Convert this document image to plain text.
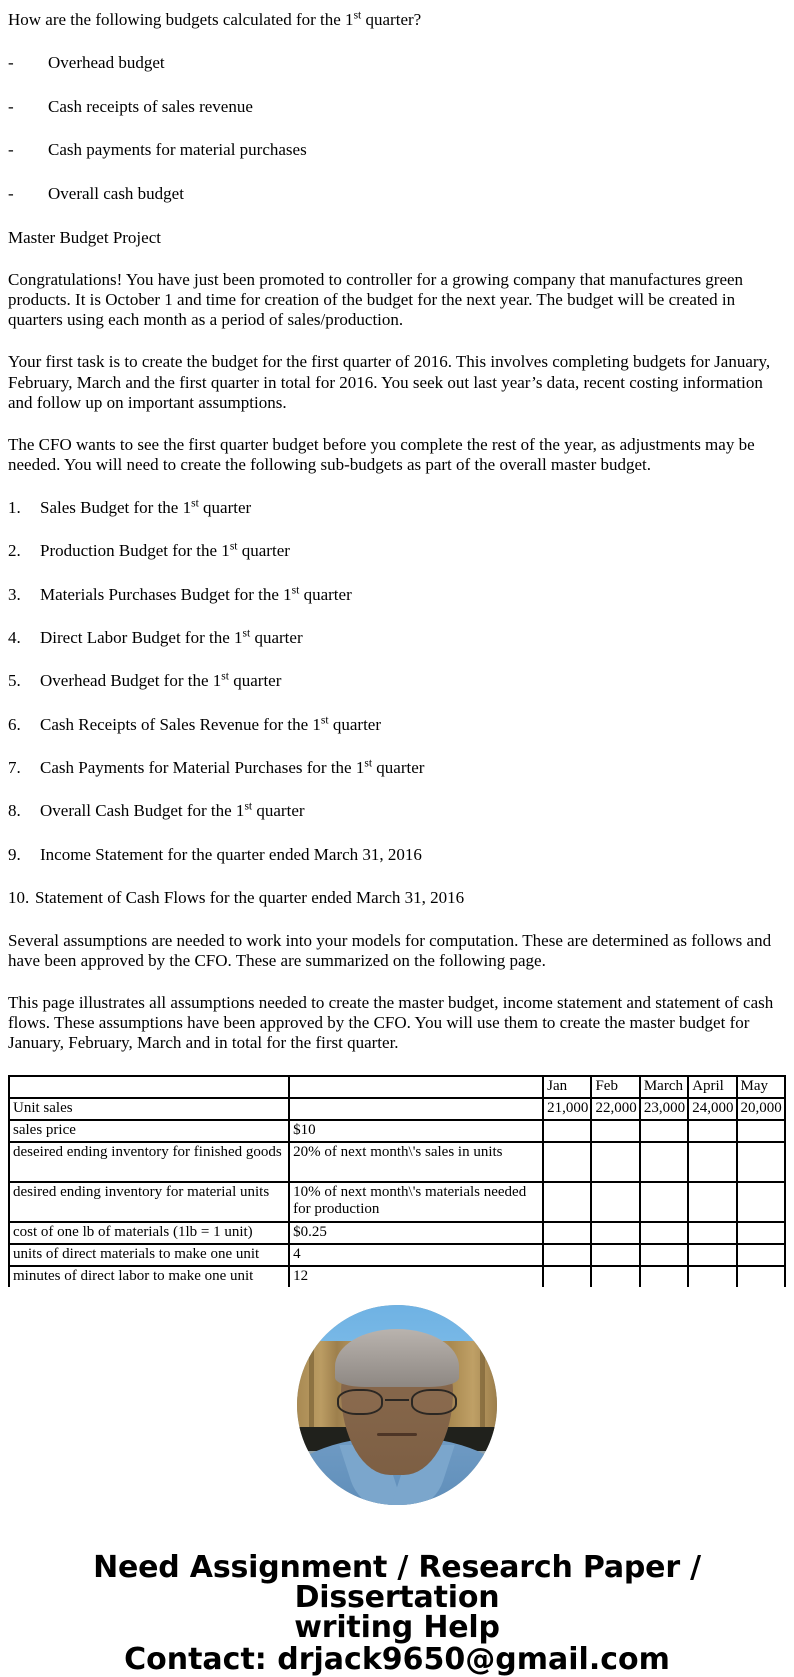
How are the following budgets calculated for the 1st quarter?

-	Overhead budget
-	Cash receipts of sales revenue
-	Cash payments for material purchases
-	Overall cash budget

Master Budget Project

Congratulations! You have just been promoted to controller for a growing company that manufactures green products. It is October 1 and time for creation of the budget for the next year. The budget will be created in quarters using each month as a period of sales/production.

Your first task is to create the budget for the first quarter of 2016. This involves completing budgets for January, February, March and the first quarter in total for 2016. You seek out last year’s data, recent costing information and follow up on important assumptions.

The CFO wants to see the first quarter budget before you complete the rest of the year, as adjustments may be needed. You will need to create the following sub-budgets as part of the overall master budget.

1.	Sales Budget for the 1st quarter
2.	Production Budget for the 1st quarter
3.	Materials Purchases Budget for the 1st quarter
4.	Direct Labor Budget for the 1st quarter
5.	Overhead Budget for the 1st quarter
6.	Cash Receipts of Sales Revenue for the 1st quarter
7.	Cash Payments for Material Purchases for the 1st quarter
8.	Overall Cash Budget for the 1st quarter
9.	Income Statement for the quarter ended March 31, 2016
10. Statement of Cash Flows for the quarter ended March 31, 2016

Several assumptions are needed to work into your models for computation. These are determined as follows and have been approved by the CFO. These are summarized on the following page.

This page illustrates all assumptions needed to create the master budget, income statement and statement of cash flows. These assumptions have been approved by the CFO. You will use them to create the master budget for January, February, March and in total for the first quarter.

		Jan	Feb	March	April	May
Unit sales		21,000	22,000	23,000	24,000	20,000
sales price	$10					
deseired ending inventory for finished goods	20% of next month\'s sales in units					
desired ending inventory for material units	10% of next month\'s materials needed for production					
cost of one lb of materials (1lb = 1 unit)	$0.25					
units of direct materials to make one unit	4					
minutes of direct labor to make one unit	12					

Need Assignment / Research Paper / Dissertation
writing Help
Contact: drjack9650@gmail.com
